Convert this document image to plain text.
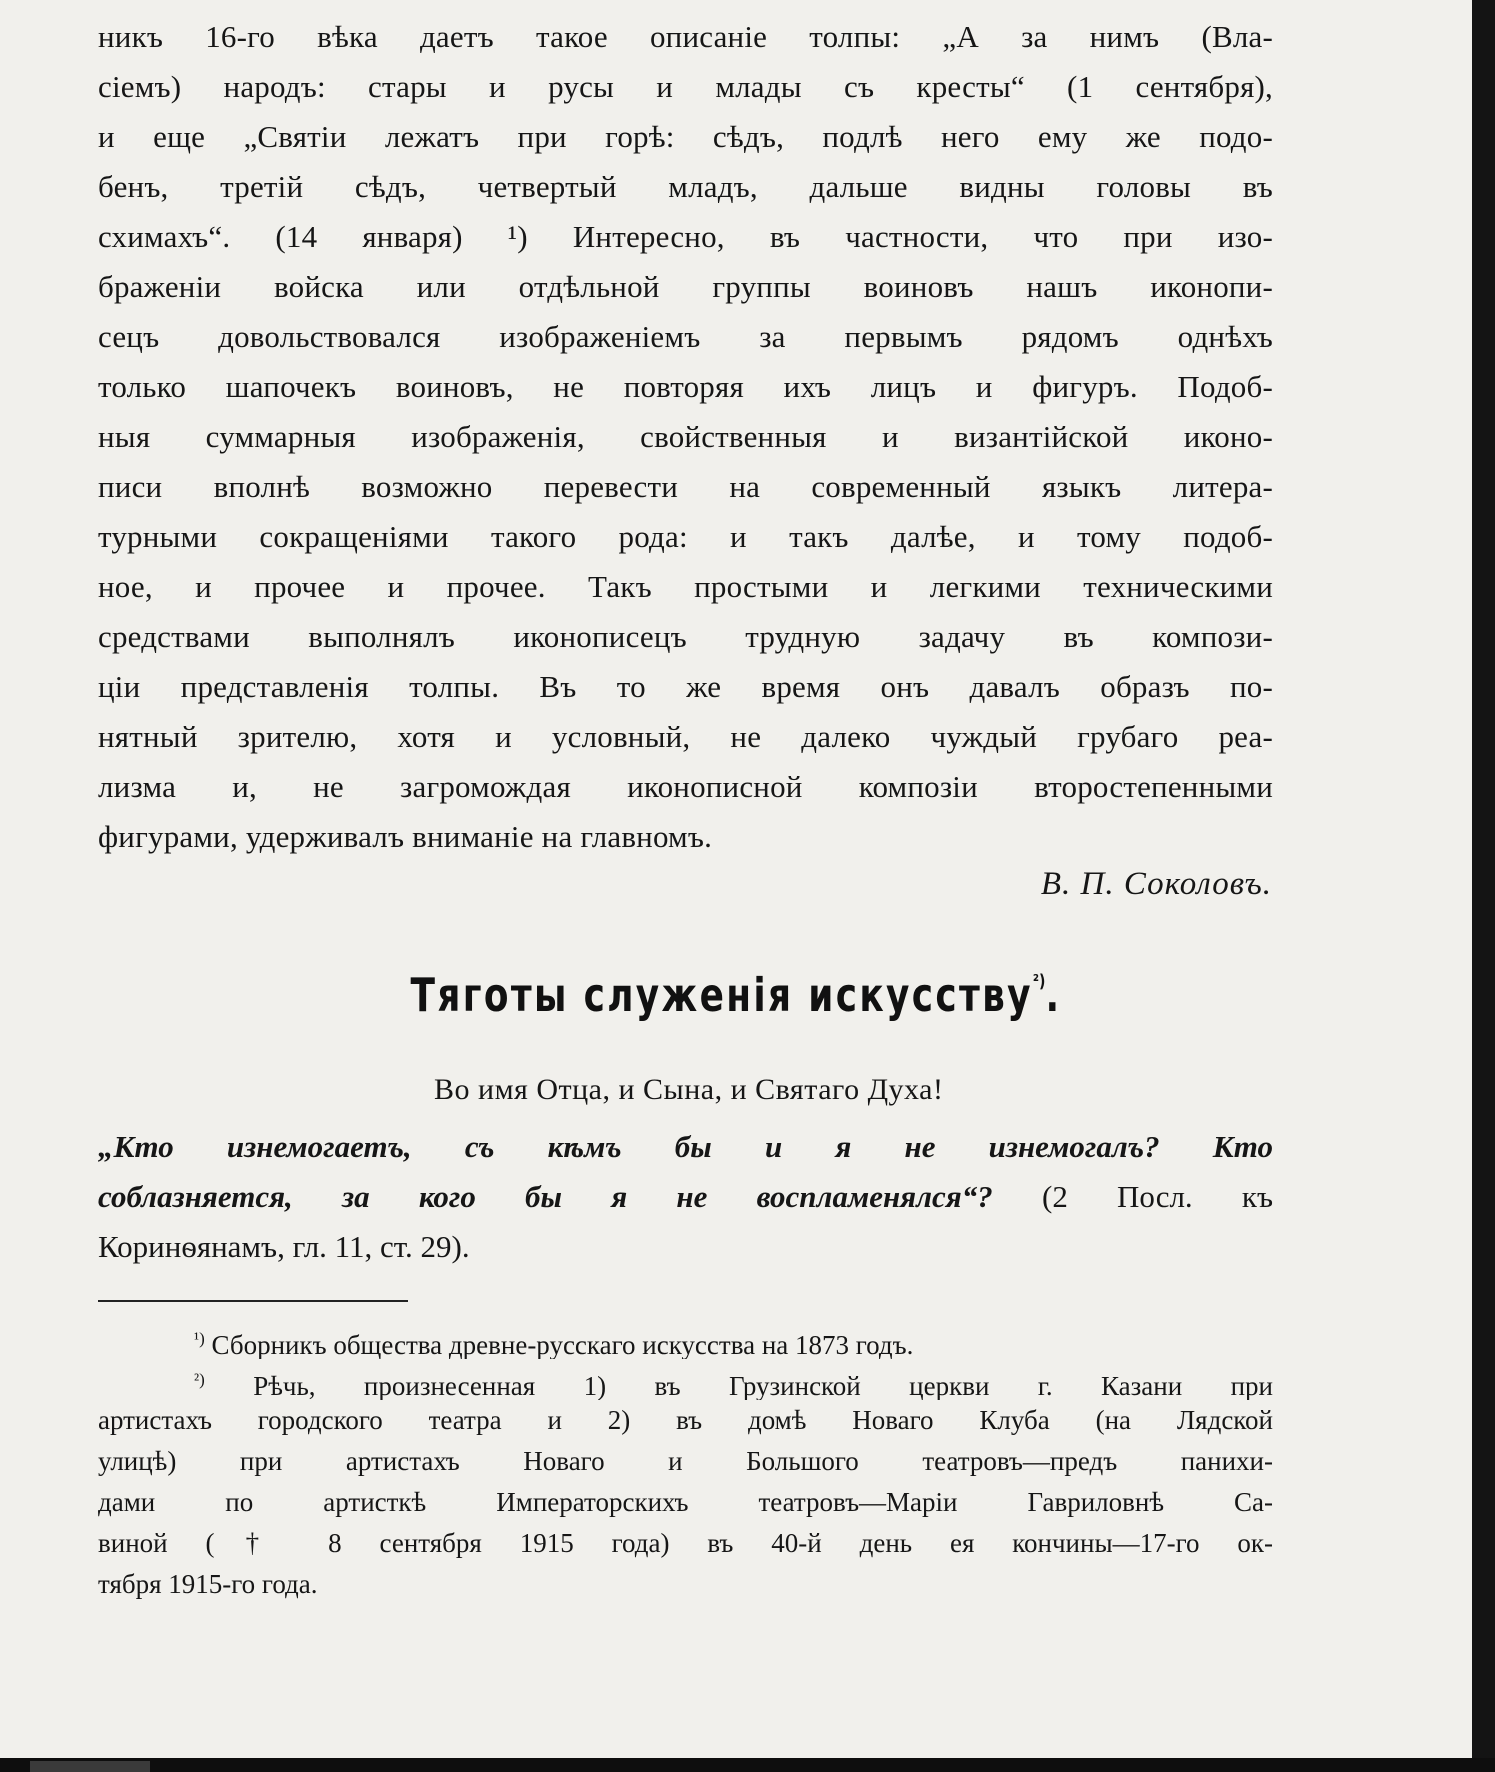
никъ 16-го вѣка даетъ такое описаніе толпы: „А за нимъ (Вла-
сіемъ) народъ: стары и русы и млады съ кресты“ (1 сентября),
и еще „Святіи лежатъ при горѣ: сѣдъ, подлѣ него ему же подо-
бенъ, третій сѣдъ, четвертый младъ, дальше видны головы въ
схимахъ“. (14 января) ¹) Интересно, въ частности, что при изо-
браженіи войска или отдѣльной группы воиновъ нашъ иконопи-
сецъ довольствовался изображеніемъ за первымъ рядомъ однѣхъ
только шапочекъ воиновъ, не повторяя ихъ лицъ и фигуръ. Подоб-
ныя суммарныя изображенія, свойственныя и византійской иконо-
писи вполнѣ возможно перевести на современный языкъ литера-
турными сокращеніями такого рода: и такъ далѣе, и тому подоб-
ное, и прочее и прочее. Такъ простыми и легкими техническими
средствами выполнялъ иконописецъ трудную задачу въ компози-
ціи представленія толпы. Въ то же время онъ давалъ образъ по-
нятный зрителю, хотя и условный, не далеко чуждый грубаго реа-
лизма и, не загромождая иконописной композіи второстепенными
фигурами, удерживалъ вниманіе на главномъ.
В. П. Соколовъ.
Тяготы служенія искусству$^{^2)}$.
Во имя Отца, и Сына, и Святаго Духа!
„Кто изнемогаетъ, съ кѣмъ бы и я не изнемогалъ? Кто
соблазняется, за кого бы я не воспламенялся“? (2 Посл. къ
Коринѳянамъ, гл. 11, ст. 29).
$^{^1)}$ Сборникъ общества древне-русскаго искусства на 1873 годъ.
$^{^2)}$ Рѣчь, произнесенная 1) въ Грузинской церкви г. Казани при
артистахъ городского театра и 2) въ домѣ Новаго Клуба (на Лядской
улицѣ) при артистахъ Новаго и Большого театровъ—предъ панихи-
дами по артисткѣ Императорскихъ театровъ—Маріи Гавриловнѣ Са-
виной († 8 сентября 1915 года) въ 40-й день ея кончины—17-го ок-
тября 1915-го года.
